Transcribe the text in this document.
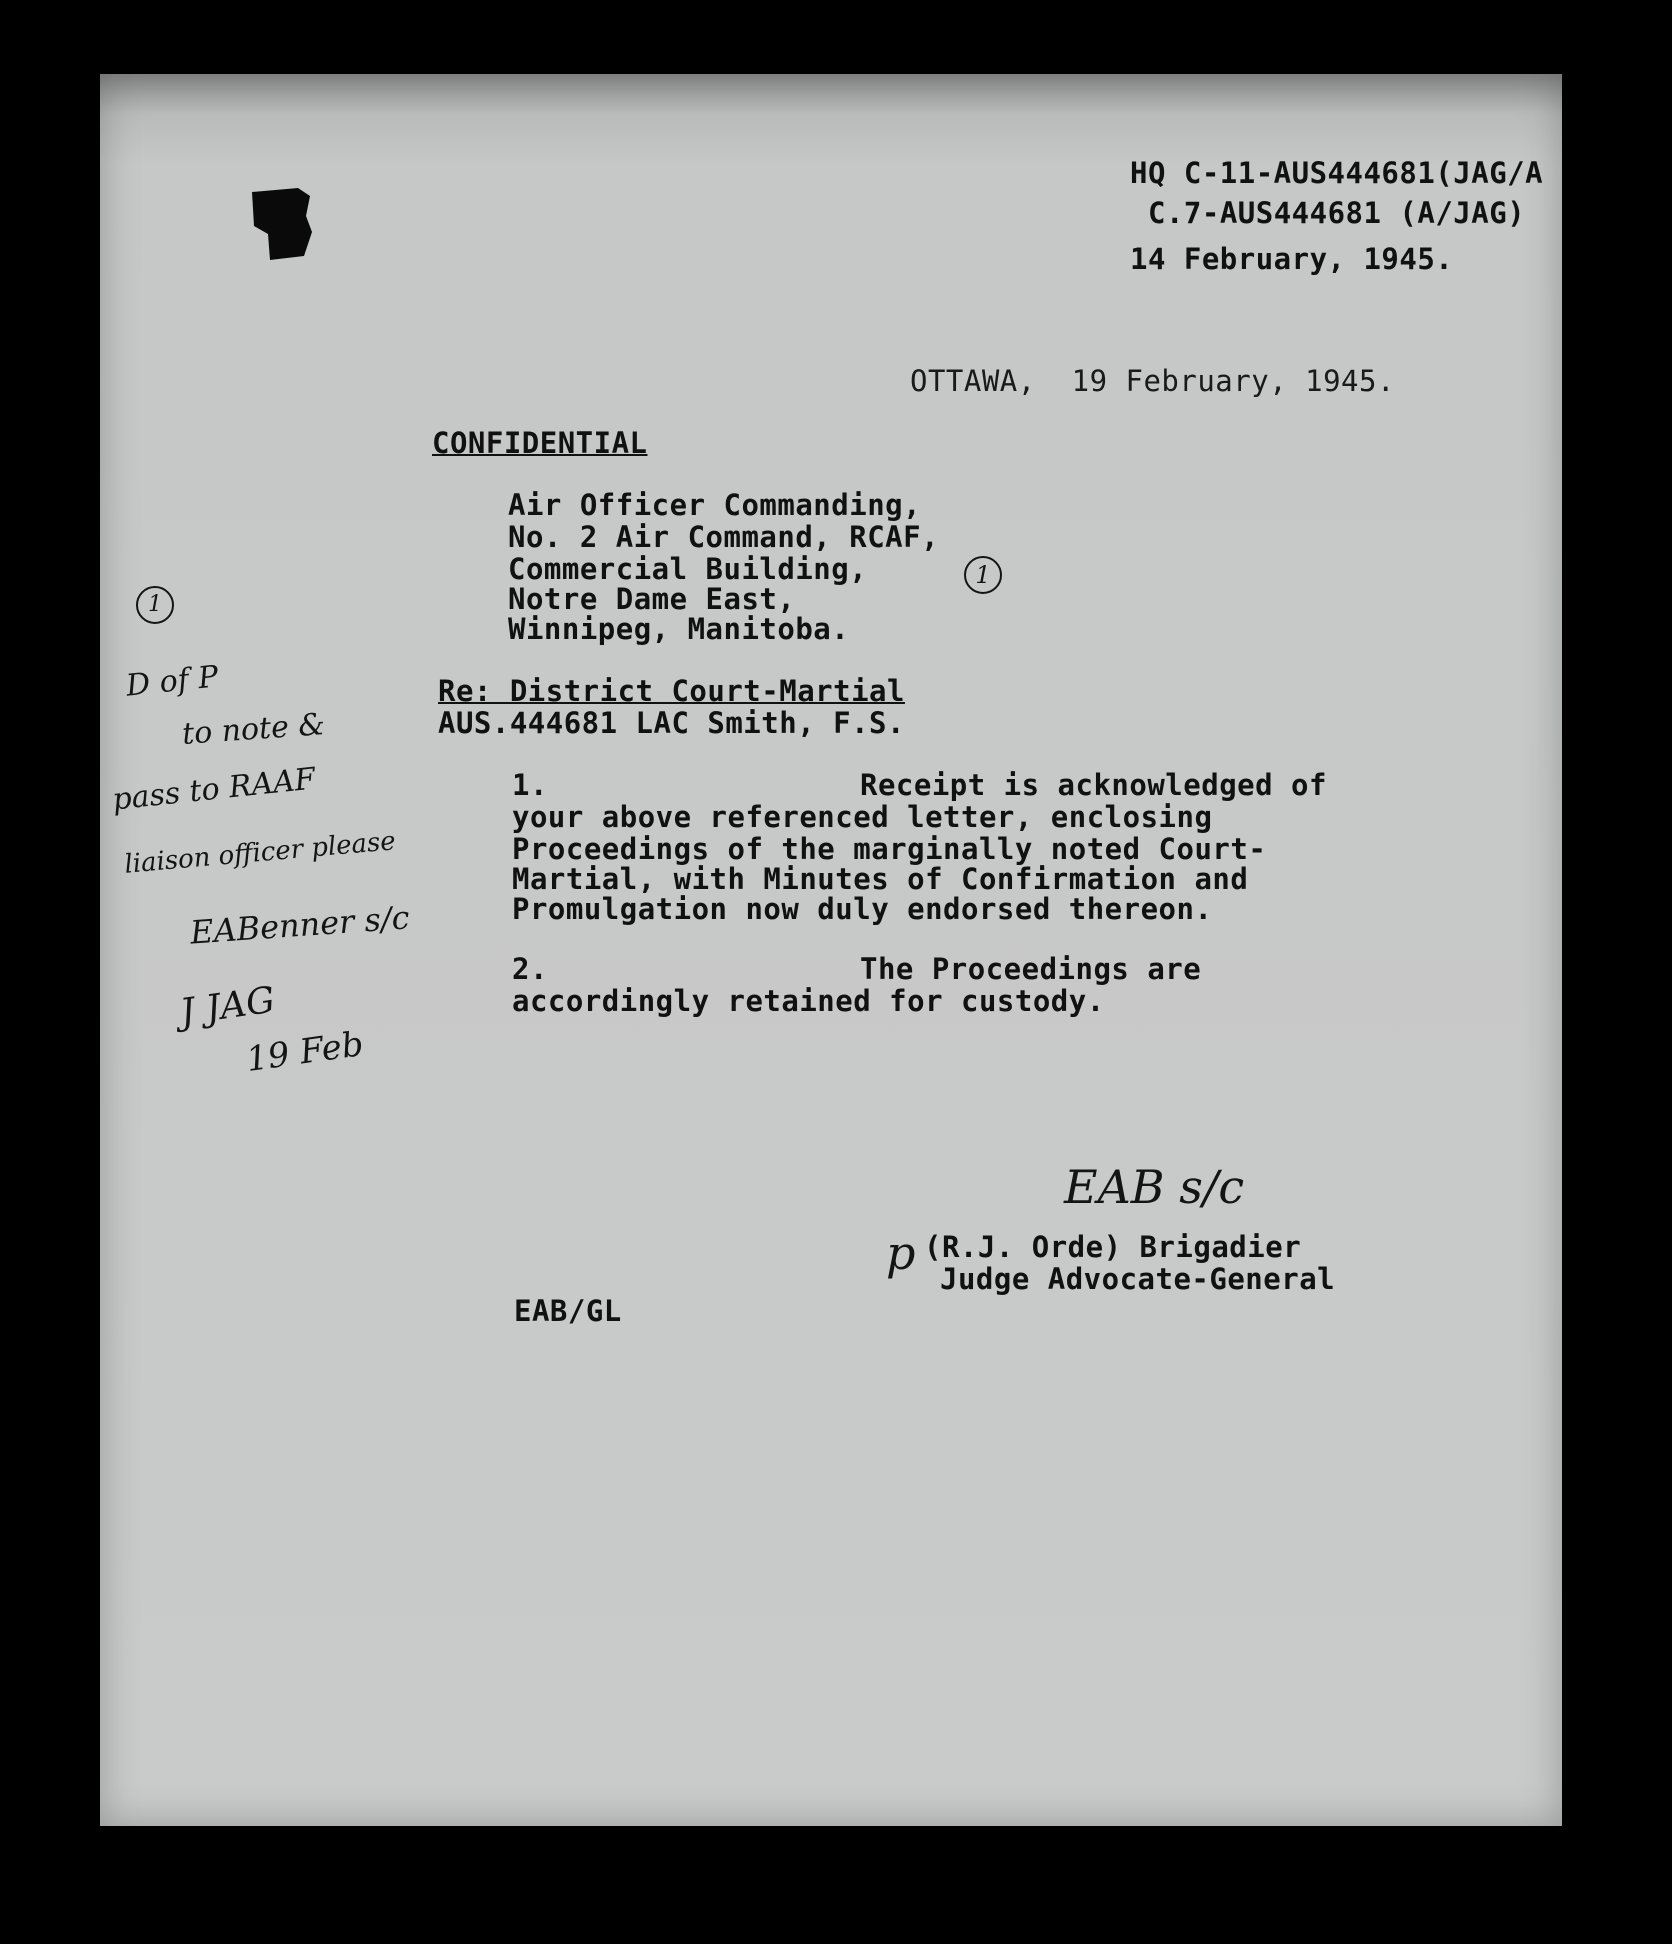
HQ C-11-AUS444681(JAG/A
C.7-AUS444681 (A/JAG)
14 February, 1945.
OTTAWA,  19 February, 1945.
CONFIDENTIAL
Air Officer Commanding,
No. 2 Air Command, RCAF,
Commercial Building,
Notre Dame East,
Winnipeg, Manitoba.
1
Re: District Court-Martial
AUS.444681 LAC Smith, F.S.
1.	Receipt is acknowledged of
your above referenced letter, enclosing
Proceedings of the marginally noted Court-
Martial, with Minutes of Confirmation and
Promulgation now duly endorsed thereon.
2.	The Proceedings are
accordingly retained for custody.
EAB s/c
p (R.J. Orde) Brigadier
Judge Advocate-General
EAB/GL
1
D of P
to note &
pass to RAAF
liaison officer please
EABenner s/c
J JAG
19 Feb
